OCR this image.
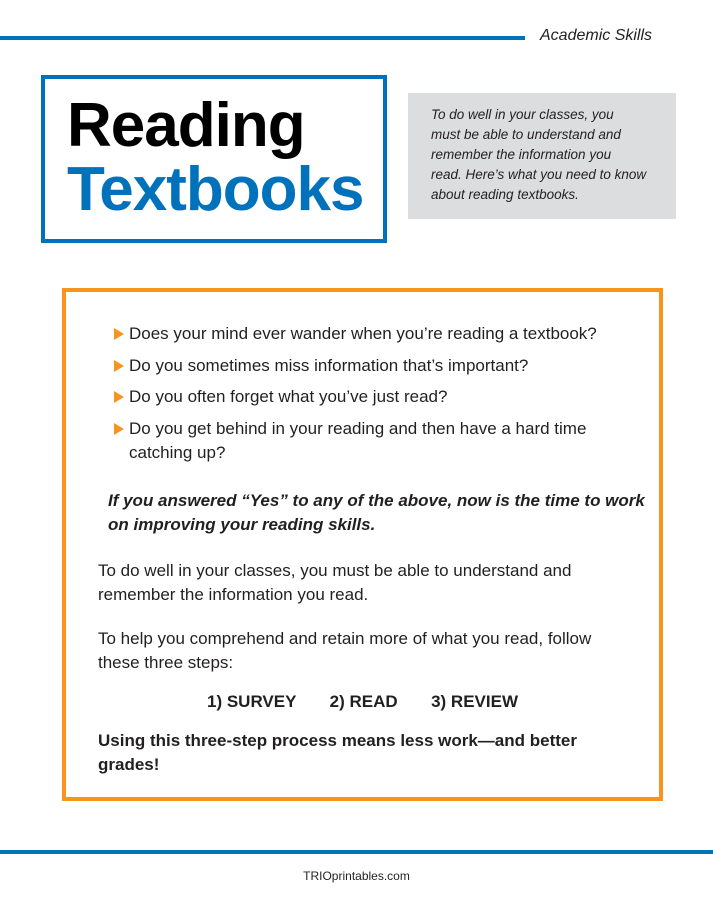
Academic Skills
Reading
Textbooks
To do well in your classes, you
must be able to understand and
remember the information you
read. Here’s what you need to know
about reading textbooks.
Does your mind ever wander when you’re reading a textbook?
Do you sometimes miss information that’s important?
Do you often forget what you’ve just read?
Do you get behind in your reading and then have a hard time
catching up?
If you answered “Yes” to any of the above, now is the time to work
on improving your reading skills.
To do well in your classes, you must be able to understand and
remember the information you read.
To help you comprehend and retain more of what you read, follow
these three steps:
1) SURVEY 2) READ 3) REVIEW
Using this three-step process means less work—and better
grades!
TRIOprintables.com
